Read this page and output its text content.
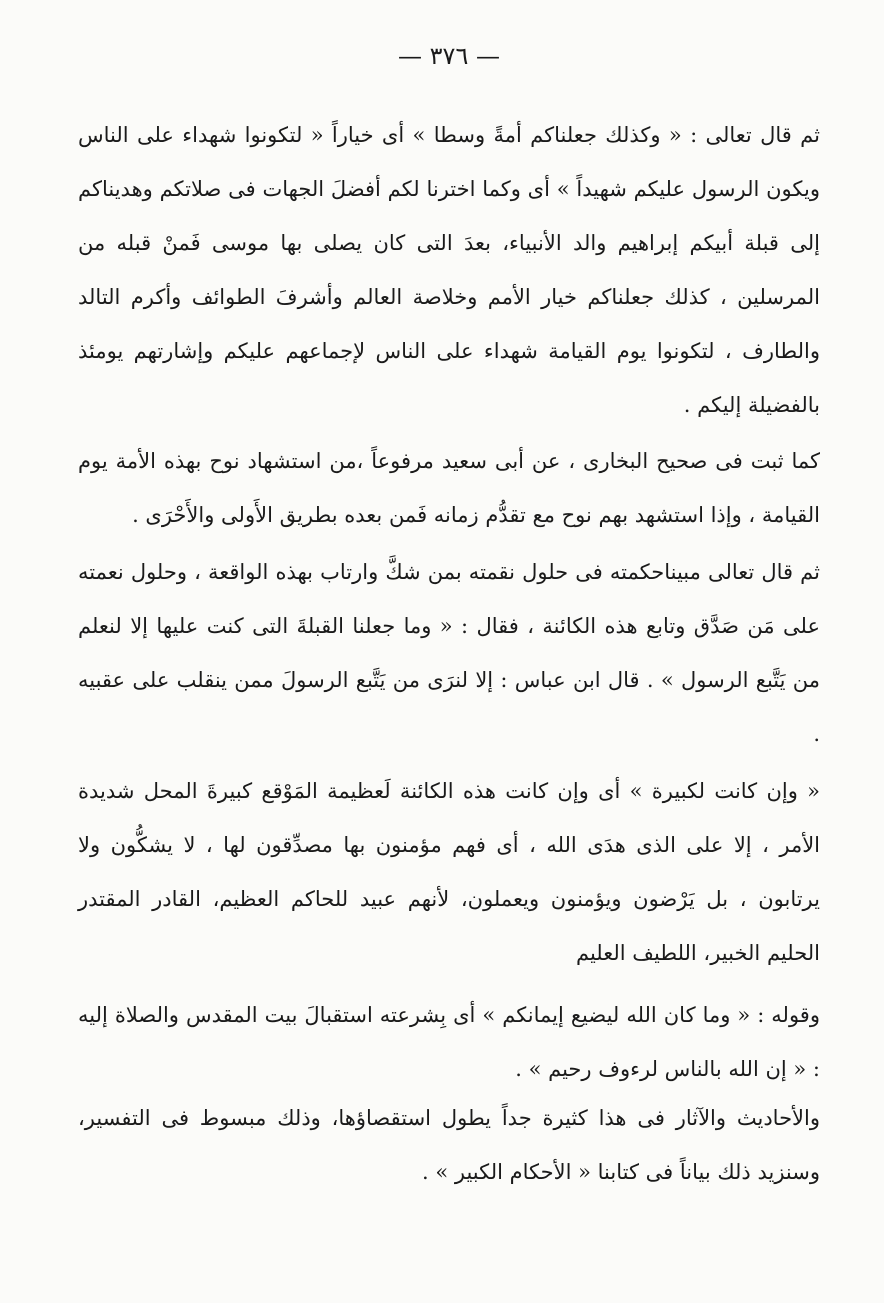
— ٣٧٦ —

ثم قال تعالى : « وكذلك جعلناكم أمةً وسطا » أى خياراً « لتكونوا شهداء على الناس ويكون الرسول عليكم شهيداً » أى وكما اخترنا لكم أفضلَ الجهات فى صلاتكم وهديناكم إلى قبلة أبيكم إبراهيم والد الأنبياء، بعدَ التى كان يصلى بها موسى فَمنْ قبله من المرسلين ، كذلك جعلناكم خيار الأمم وخلاصة العالم وأشرفَ الطوائف وأكرم التالد والطارف ، لتكونوا يوم القيامة شهداء على الناس لإجماعهم عليكم وإشارتهم يومئذ بالفضيلة إليكم .

كما ثبت فى صحيح البخارى ، عن أبى سعيد مرفوعاً ،من استشهاد نوح بهذه الأمة يوم القيامة ، وإذا استشهد بهم نوح مع تقدُّم زمانه فَمن بعده بطريق الأَولى والأَحْرَى .

ثم قال تعالى مبيناحكمته فى حلول نقمته بمن شكَّ وارتاب بهذه الواقعة ، وحلول نعمته على مَن صَدَّق وتابع هذه الكائنة ، فقال : « وما جعلنا القبلةَ التى كنت عليها إلا لنعلم من يَتَّبع الرسول » . قال ابن عباس : إلا لنرَى من يَتَّبع الرسولَ ممن ينقلب على عقبيه .

« وإن كانت لكبيرة » أى وإن كانت هذه الكائنة لَعظيمة المَوْقع كبيرةَ المحل شديدة الأمر ، إلا على الذى هدَى الله ، أى فهم مؤمنون بها مصدِّقون لها ، لا يشكُّون ولا يرتابون ، بل يَرْضون ويؤمنون ويعملون، لأنهم عبيد للحاكم العظيم، القادر المقتدر الحليم الخبير، اللطيف العليم

وقوله : « وما كان الله ليضيع إيمانكم » أى بِشرعته استقبالَ بيت المقدس والصلاة إليه : « إن الله بالناس لرءوف رحيم » .

والأحاديث والآثار فى هذا كثيرة جداً يطول استقصاؤها، وذلك مبسوط فى التفسير، وسنزيد ذلك بياناً فى كتابنا « الأحكام الكبير » .
